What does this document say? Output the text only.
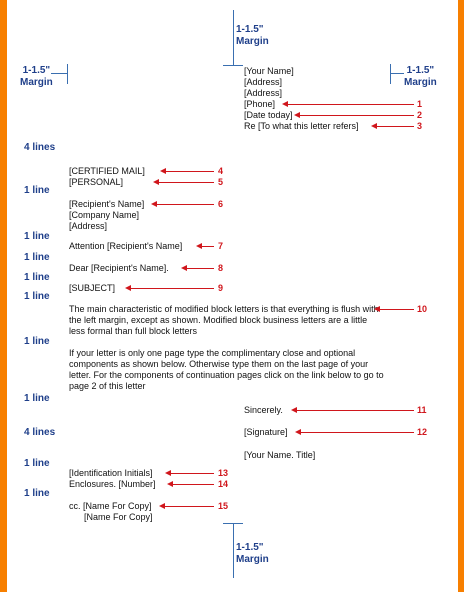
1-1.5"
Margin
1-1.5"
Margin
1-1.5"
Margin
[Your Name]
[Address]
[Address]
[Phone]
[Date today]
Re [To what this letter refers]
4 lines
1 line
1 line
1 line
1 line
1 line
1 line
1 line
4 lines
1 line
1 line
[CERTIFIED MAIL]
[PERSONAL]
[Recipient's Name]
[Company Name]
[Address]
Attention [Recipient's Name]
Dear [Recipient's Name].
[SUBJECT]
The main characteristic of modified block letters is that everything is flush with the left margin, except as shown. Modified block business letters are a little less formal than full block letters
If your letter is only one page type the complimentary close and optional components as shown below. Otherwise type them on the last page of your letter. For the components of continuation pages click on the link below to go to page 2 of this letter
Sincerely.
[Signature]
[Your Name. Title]
[Identification Initials]
Enclosures. [Number]
cc. [Name For Copy]
[Name For Copy]
1-1.5"
Margin
1
2
3
4
5
6
7
8
9
10
11
12
13
14
15
